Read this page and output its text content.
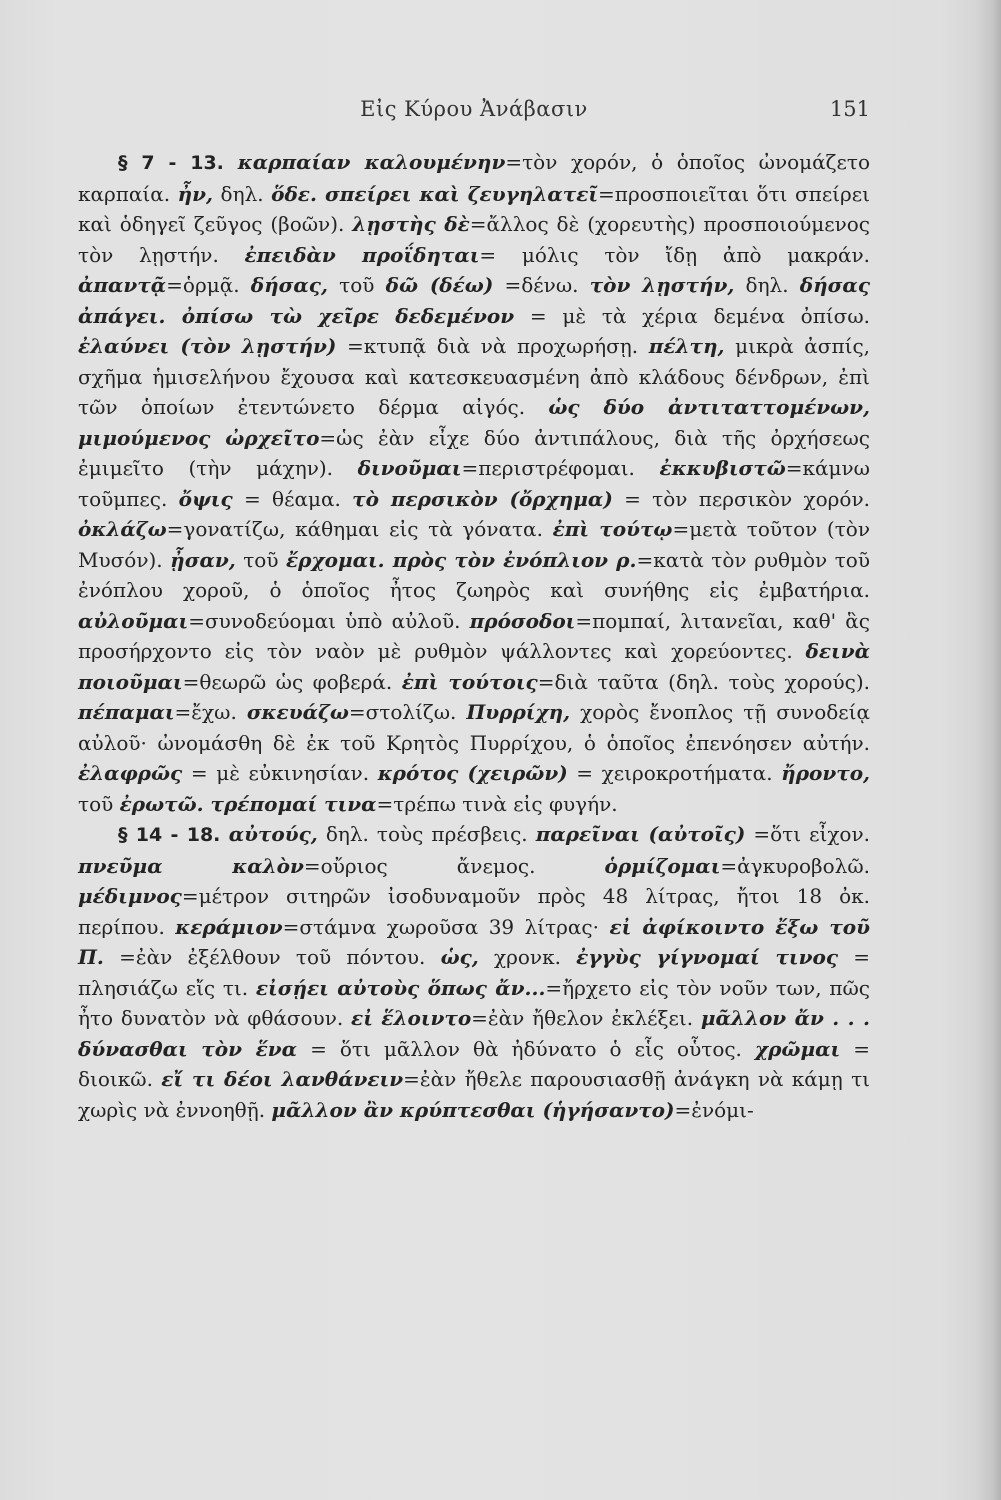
Εἰς Κύρου Ἀνάβασιν	151

§ 7 - 13. καρπαίαν καλουμένην=τὸν χορόν, ὁ ὁποῖος ὠνομάζετο καρπαία. ἦν, δηλ. ὅδε. σπείρει καὶ ζευγηλατεῖ=προσποιεῖται ὅτι σπείρει καὶ ὁδηγεῖ ζεῦγος (βοῶν). λῃστὴς δὲ=ἄλλος δὲ (χορευτὴς) προσποιούμενος τὸν λῃστήν. ἐπειδὰν προΐδηται= μόλις τὸν ἴδῃ ἀπὸ μακράν. ἀπαντᾷ=ὁρμᾷ. δήσας, τοῦ δῶ (δέω) =δένω. τὸν λῃστήν, δηλ. δήσας ἀπάγει. ὀπίσω τὼ χεῖρε δεδεμένον = μὲ τὰ χέρια δεμένα ὀπίσω. ἐλαύνει (τὸν λῃστήν) =κτυπᾷ διὰ νὰ προχωρήσῃ. πέλτη, μικρὰ ἀσπίς, σχῆμα ἡμισελήνου ἔχουσα καὶ κατεσκευασμένη ἀπὸ κλάδους δένδρων, ἐπὶ τῶν ὁποίων ἐτεντώνετο δέρμα αἰγός. ὡς δύο ἀντιταττομένων, μιμούμενος ὠρχεῖτο=ὡς ἐὰν εἶχε δύο ἀντιπάλους, διὰ τῆς ὀρχήσεως ἐμιμεῖτο (τὴν μάχην). δινοῦμαι=περιστρέφομαι. ἐκκυβιστῶ=κάμνω τοῦμπες. ὄψις = θέαμα. τὸ περσικὸν (ὄρχημα) = τὸν περσικὸν χορόν. ὀκλάζω=γονατίζω, κάθημαι εἰς τὰ γόνατα. ἐπὶ τούτῳ=μετὰ τοῦτον (τὸν Μυσόν). ᾖσαν, τοῦ ἔρχομαι. πρὸς τὸν ἐνόπλιον ρ.=κατὰ τὸν ρυθμὸν τοῦ ἐνόπλου χοροῦ, ὁ ὁποῖος ἦτος ζωηρὸς καὶ συνήθης εἰς ἐμβατήρια. αὐλοῦμαι=συνοδεύομαι ὑπὸ αὐλοῦ. πρόσοδοι=πομπαί, λιτανεῖαι, καθ' ἃς προσήρχοντο εἰς τὸν ναὸν μὲ ρυθμὸν ψάλλοντες καὶ χορεύοντες. δεινὰ ποιοῦμαι=θεωρῶ ὡς φοβερά. ἐπὶ τούτοις=διὰ ταῦτα (δηλ. τοὺς χορούς). πέπαμαι=ἔχω. σκευάζω=στολίζω. Πυρρίχη, χορὸς ἔνοπλος τῇ συνοδείᾳ αὐλοῦ· ὠνομάσθη δὲ ἐκ τοῦ Κρητὸς Πυρρίχου, ὁ ὁποῖος ἐπενόησεν αὐτήν. ἐλαφρῶς = μὲ εὐκινησίαν. κρότος (χειρῶν) = χειροκροτήματα. ἤροντο, τοῦ ἐρωτῶ. τρέπομαί τινα=τρέπω τινὰ εἰς φυγήν.

§ 14 - 18. αὐτούς, δηλ. τοὺς πρέσβεις. παρεῖναι (αὐτοῖς) =ὅτι εἶχον. πνεῦμα καλὸν=οὔριος ἄνεμος. ὁρμίζομαι=ἀγκυροβολῶ. μέδιμνος=μέτρον σιτηρῶν ἰσοδυναμοῦν πρὸς 48 λίτρας, ἤτοι 18 ὀκ. περίπου. κεράμιον=στάμνα χωροῦσα 39 λίτρας· εἰ ἀφίκοιντο ἔξω τοῦ Π. =ἐὰν ἐξέλθουν τοῦ πόντου. ὡς, χρονκ. ἐγγὺς γίγνομαί τινος = πλησιάζω εἴς τι. εἰσῄει αὐτοὺς ὅπως ἄν...=ἤρχετο εἰς τὸν νοῦν των, πῶς ἦτο δυνατὸν νὰ φθάσουν. εἰ ἕλοιντο=ἐὰν ἤθελον ἐκλέξει. μᾶλλον ἄν . . . δύνασθαι τὸν ἕνα = ὅτι μᾶλλον θὰ ἠδύνατο ὁ εἷς οὗτος. χρῶμαι = διοικῶ. εἴ τι δέοι λανθάνειν=ἐὰν ἤθελε παρουσιασθῇ ἀνάγκη νὰ κάμῃ τι χωρὶς νὰ ἐννοηθῇ. μᾶλλον ἂν κρύπτεσθαι (ἡγήσαντο)=ἐνόμι-
